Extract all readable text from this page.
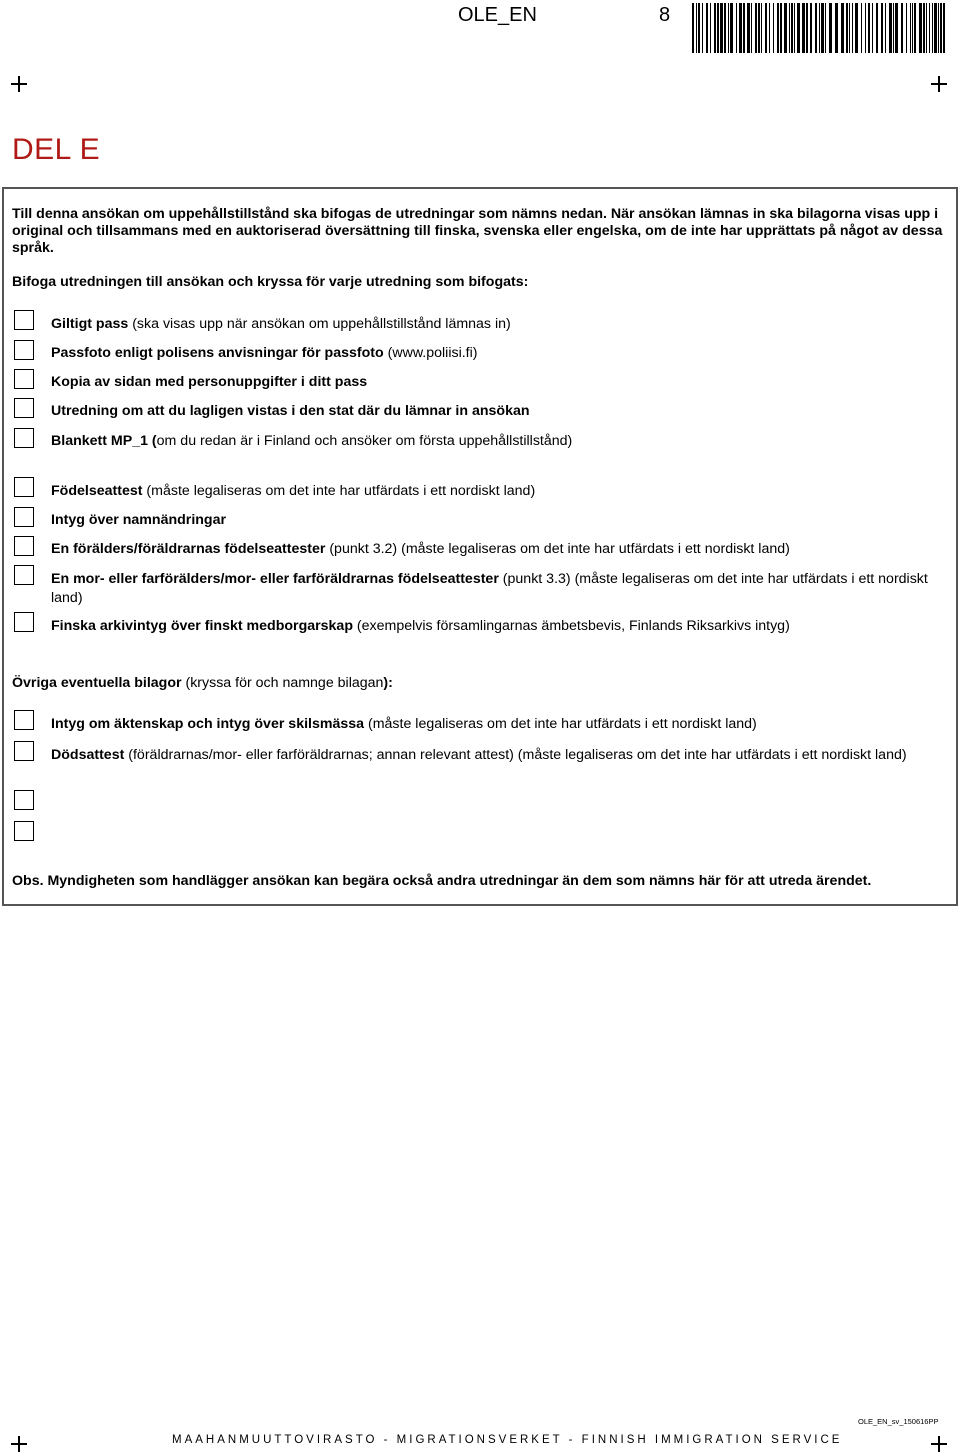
OLE_EN	8
DEL E
Till denna ansökan om uppehållstillstånd ska bifogas de utredningar som nämns nedan. När ansökan lämnas in ska bilagorna visas upp i original och tillsammans med en auktoriserad översättning till finska, svenska eller engelska, om de inte har upprättats på något av dessa språk.
Bifoga utredningen till ansökan och kryssa för varje utredning som bifogats:
Giltigt pass (ska visas upp när ansökan om uppehållstillstånd lämnas in)
Passfoto enligt polisens anvisningar för passfoto (www.poliisi.fi)
Kopia av sidan med personuppgifter i ditt pass
Utredning om att du lagligen vistas i den stat där du lämnar in ansökan
Blankett MP_1 (om du redan är i Finland och ansöker om första uppehållstillstånd)
Födelseattest (måste legaliseras om det inte har utfärdats i ett nordiskt land)
Intyg över namnändringar
En förälders/föräldrarnas födelseattester (punkt 3.2) (måste legaliseras om det inte har utfärdats i ett nordiskt land)
En mor- eller farförälders/mor- eller farföräldrarnas födelseattester (punkt 3.3) (måste legaliseras om det inte har utfärdats i ett nordiskt land)
Finska arkivintyg över finskt medborgarskap (exempelvis församlingarnas ämbetsbevis, Finlands Riksarkivs intyg)
Övriga eventuella bilagor (kryssa för och namnge bilagan):
Intyg om äktenskap och intyg över skilsmässa (måste legaliseras om det inte har utfärdats i ett nordiskt land)
Dödsattest (föräldrarnas/mor- eller farföräldrarnas; annan relevant attest) (måste legaliseras om det inte har utfärdats i ett nordiskt land)
Obs. Myndigheten som handlägger ansökan kan begära också andra utredningar än dem som nämns här för att utreda ärendet.
OLE_EN_sv_150616PP
MAAHANMUUTTOVIRASTO - MIGRATIONSVERKET - FINNISH IMMIGRATION SERVICE
